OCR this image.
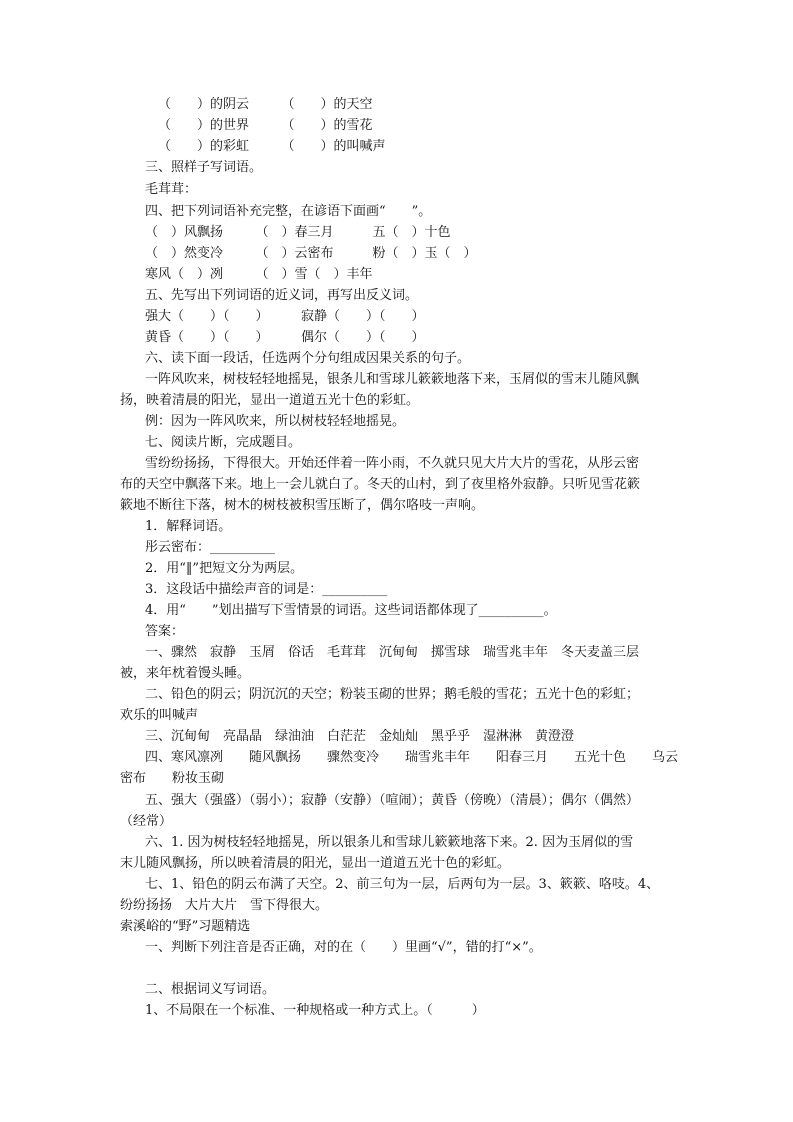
（　　）的阴云　　　（　　）的天空
（　　）的世界　　　（　　）的雪花
（　　）的彩虹　　　（　　）的叫喊声
三、照样子写词语。
毛茸茸：
四、把下列词语补充完整，在谚语下面画“　　”。
（　）风飘扬　　　（　）春三月　　　五（　）十色
（　）然变冷　　　（　）云密布　　　粉（　）玉（　）
寒风（　）冽　　　（　）雪（　）丰年
五、先写出下列词语的近义词，再写出反义词。
强大（　　）（　　）　　　寂静（　　）（　　）
黄昏（　　）（　　）　　　偶尔（　　）（　　）
六、读下面一段话，任选两个分句组成因果关系的句子。
一阵风吹来，树枝轻轻地摇晃，银条儿和雪球儿簌簌地落下来，玉屑似的雪末儿随风飘
扬，映着清晨的阳光，显出一道道五光十色的彩虹。
例：因为一阵风吹来，所以树枝轻轻地摇晃。
七、阅读片断，完成题目。
雪纷纷扬扬，下得很大。开始还伴着一阵小雨，不久就只见大片大片的雪花，从彤云密
布的天空中飘落下来。地上一会儿就白了。冬天的山村，到了夜里格外寂静。只听见雪花簌
簌地不断往下落，树木的树枝被积雪压断了，偶尔咯吱一声响。
1．解释词语。
彤云密布：__________
2．用“‖”把短文分为两层。
3．这段话中描绘声音的词是：__________
4．用“　　”划出描写下雪情景的词语。这些词语都体现了__________。
答案：
一、骤然　寂静　玉屑　俗话　毛茸茸　沉甸甸　掷雪球　瑞雪兆丰年　冬天麦盖三层
被，来年枕着馒头睡。
二、铅色的阴云；阴沉沉的天空；粉装玉砌的世界；鹅毛般的雪花；五光十色的彩虹；
欢乐的叫喊声
三、沉甸甸　亮晶晶　绿油油　白茫茫　金灿灿　黑乎乎　湿淋淋　黄澄澄
四、寒风凛冽　　随风飘扬　　骤然变冷　　瑞雪兆丰年　　阳春三月　　五光十色　　乌云
密布　　粉妆玉砌
五、强大（强盛）（弱小）；寂静（安静）（喧闹）；黄昏（傍晚）（清晨）；偶尔（偶然）
（经常）
六、1. 因为树枝轻轻地摇晃，所以银条儿和雪球儿簌簌地落下来。2. 因为玉屑似的雪
末儿随风飘扬，所以映着清晨的阳光，显出一道道五光十色的彩虹。
七、1、铅色的阴云布满了天空。2、前三句为一层，后两句为一层。3、簌簌、咯吱。4、
纷纷扬扬　大片大片　雪下得很大。
索溪峪的“野”习题精选
一、判断下列注音是否正确，对的在（　　）里画“√”，错的打“×”。
二、根据词义写词语。
1、不局限在一个标准、一种规格或一种方式上。（　　　）
